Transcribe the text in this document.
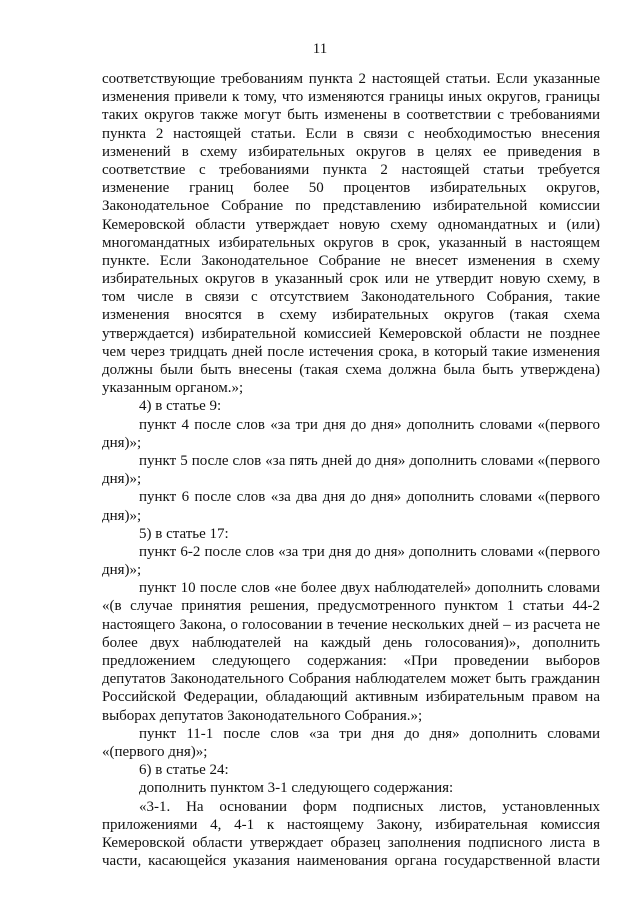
11
соответствующие требованиям пункта 2 настоящей статьи. Если указанные
изменения привели к тому, что изменяются границы иных округов, границы
таких округов также могут быть изменены в соответствии с требованиями
пункта 2 настоящей статьи. Если в связи с необходимостью внесения
изменений в схему избирательных округов в целях ее приведения в
соответствие с требованиями пункта 2 настоящей статьи требуется
изменение границ более 50 процентов избирательных округов,
Законодательное Собрание по представлению избирательной комиссии
Кемеровской области утверждает новую схему одномандатных и (или)
многомандатных избирательных округов в срок, указанный в настоящем
пункте. Если Законодательное Собрание не внесет изменения в схему
избирательных округов в указанный срок или не утвердит новую схему, в
том числе в связи с отсутствием Законодательного Собрания, такие
изменения вносятся в схему избирательных округов (такая схема
утверждается) избирательной комиссией Кемеровской области не позднее
чем через тридцать дней после истечения срока, в который такие изменения
должны были быть внесены (такая схема должна была быть утверждена)
указанным органом.»;
4) в статье 9:
пункт 4 после слов «за три дня до дня» дополнить словами «(первого
дня)»;
пункт 5 после слов «за пять дней до дня» дополнить словами «(первого
дня)»;
пункт 6 после слов «за два дня до дня» дополнить словами «(первого
дня)»;
5) в статье 17:
пункт 6-2 после слов «за три дня до дня» дополнить словами «(первого
дня)»;
пункт 10 после слов «не более двух наблюдателей» дополнить словами
«(в случае принятия решения, предусмотренного пунктом 1 статьи 44-2
настоящего Закона, о голосовании в течение нескольких дней – из расчета не
более двух наблюдателей на каждый день голосования)», дополнить
предложением следующего содержания: «При проведении выборов
депутатов Законодательного Собрания наблюдателем может быть гражданин
Российской Федерации, обладающий активным избирательным правом на
выборах депутатов Законодательного Собрания.»;
пункт 11-1 после слов «за три дня до дня» дополнить словами
«(первого дня)»;
6) в статье 24:
дополнить пунктом 3-1 следующего содержания:
«3-1. На основании форм подписных листов, установленных
приложениями 4, 4-1 к настоящему Закону, избирательная комиссия
Кемеровской области утверждает образец заполнения подписного листа в
части, касающейся указания наименования органа государственной власти
